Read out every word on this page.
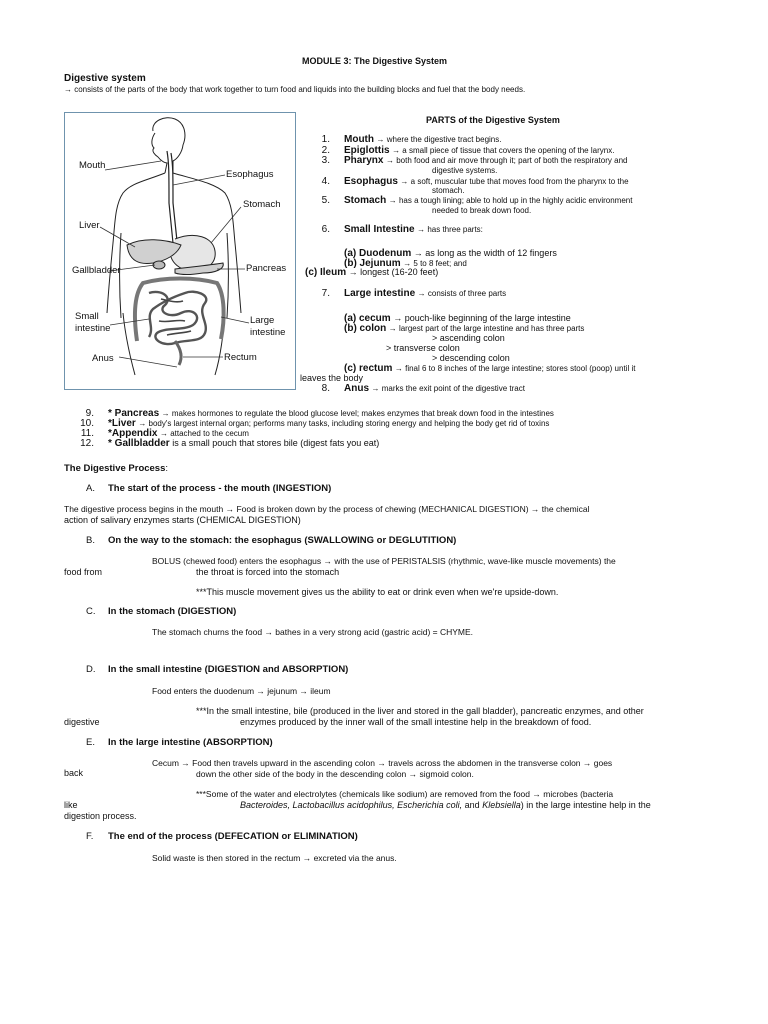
MODULE 3: The Digestive System
Digestive system
→ consists of the parts of the body that work together to turn food and liquids into the building blocks and fuel that the body needs.
Mouth
Esophagus
Stomach
Liver
Gallbladder	Pancreas
Small
intestine
Large
intestine
Anus	Rectum
PARTS of the Digestive System
1. Mouth → where the digestive tract begins.
2. Epiglottis → a small piece of tissue that covers the opening of the larynx.
3. Pharynx → both food and air move through it; part of both the respiratory and
digestive systems.
4. Esophagus → a soft, muscular tube that moves food from the pharynx to the
stomach.
5. Stomach → has a tough lining; able to hold up in the highly acidic environment
needed to break down food.
6. Small Intestine → has three parts:
(a) Duodenum → as long as the width of 12 fingers
(b) Jejunum → 5 to 8 feet; and
(c) Ileum → longest (16-20 feet)
7. Large intestine → consists of three parts
(a) cecum → pouch-like beginning of the large intestine
(b) colon → largest part of the large intestine and has three parts
> ascending colon
> transverse colon
> descending colon
(c) rectum → final 6 to 8 inches of the large intestine; stores stool (poop) until it
leaves the body
8. Anus → marks the exit point of the digestive tract
9. * Pancreas → makes hormones to regulate the blood glucose level; makes enzymes that break down food in the intestines
10. *Liver → body's largest internal organ; performs many tasks, including storing energy and helping the body get rid of toxins
11. *Appendix → attached to the cecum
12. * Gallbladder is a small pouch that stores bile (digest fats you eat)
The Digestive Process:
A. The start of the process - the mouth (INGESTION)
The digestive process begins in the mouth → Food is broken down by the process of chewing (MECHANICAL DIGESTION) → the chemical
action of salivary enzymes starts (CHEMICAL DIGESTION)
B. On the way to the stomach: the esophagus (SWALLOWING or DEGLUTITION)
BOLUS (chewed food) enters the esophagus → with the use of PERISTALSIS (rhythmic, wave-like muscle movements) the
food from	the throat is forced into the stomach
***This muscle movement gives us the ability to eat or drink even when we're upside-down.
C. In the stomach (DIGESTION)
The stomach churns the food → bathes in a very strong acid (gastric acid) = CHYME.
D. In the small intestine (DIGESTION and ABSORPTION)
Food enters the duodenum → jejunum → ileum
***In the small intestine, bile (produced in the liver and stored in the gall bladder), pancreatic enzymes, and other
digestive	enzymes produced by the inner wall of the small intestine help in the breakdown of food.
E. In the large intestine (ABSORPTION)
Cecum → Food then travels upward in the ascending colon → travels across the abdomen in the transverse colon → goes
back	down the other side of the body in the descending colon → sigmoid colon.
***Some of the water and electrolytes (chemicals like sodium) are removed from the food → microbes (bacteria
like	Bacteroides, Lactobacillus acidophilus, Escherichia coli, and Klebsiella) in the large intestine help in the
digestion process.
F. The end of the process (DEFECATION or ELIMINATION)
Solid waste is then stored in the rectum → excreted via the anus.
